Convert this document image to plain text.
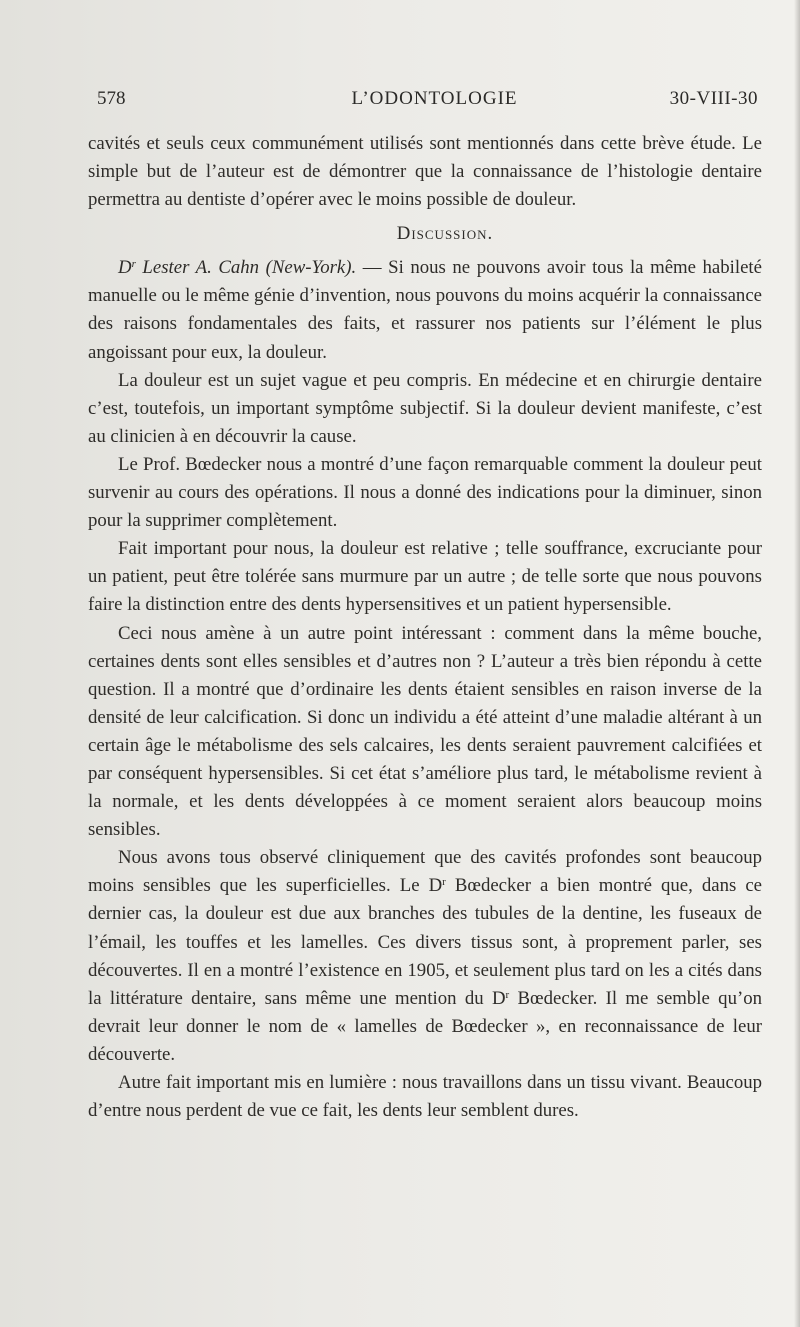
578	L’ODONTOLOGIE	30-VIII-30

cavités et seuls ceux communément utilisés sont mentionnés dans cette brève étude. Le simple but de l’auteur est de démontrer que la connaissance de l’histologie dentaire permettra au dentiste d’opérer avec le moins possible de douleur.

Discussion.

$D^r$ Lester A. Cahn (New-York). — Si nous ne pouvons avoir tous la même habileté manuelle ou le même génie d’invention, nous pouvons du moins acquérir la connaissance des raisons fondamentales des faits, et rassurer nos patients sur l’élément le plus angoissant pour eux, la douleur.

La douleur est un sujet vague et peu compris. En médecine et en chirurgie dentaire c’est, toutefois, un important symptôme subjectif. Si la douleur devient manifeste, c’est au clinicien à en découvrir la cause.

Le Prof. Bœdecker nous a montré d’une façon remarquable comment la douleur peut survenir au cours des opérations. Il nous a donné des indications pour la diminuer, sinon pour la supprimer complètement.

Fait important pour nous, la douleur est relative ; telle souffrance, excruciante pour un patient, peut être tolérée sans murmure par un autre ; de telle sorte que nous pouvons faire la distinction entre des dents hypersensitives et un patient hypersensible.

Ceci nous amène à un autre point intéressant : comment dans la même bouche, certaines dents sont elles sensibles et d’autres non ? L’auteur a très bien répondu à cette question. Il a montré que d’ordinaire les dents étaient sensibles en raison inverse de la densité de leur calcification. Si donc un individu a été atteint d’une maladie altérant à un certain âge le métabolisme des sels calcaires, les dents seraient pauvrement calcifiées et par conséquent hypersensibles. Si cet état s’améliore plus tard, le métabolisme revient à la normale, et les dents développées à ce moment seraient alors beaucoup moins sensibles.

Nous avons tous observé cliniquement que des cavités profondes sont beaucoup moins sensibles que les superficielles. Le $D^r$ Bœdecker a bien montré que, dans ce dernier cas, la douleur est due aux branches des tubules de la dentine, les fuseaux de l’émail, les touffes et les lamelles. Ces divers tissus sont, à proprement parler, ses découvertes. Il en a montré l’existence en 1905, et seulement plus tard on les a cités dans la littérature dentaire, sans même une mention du $D^r$ Bœdecker. Il me semble qu’on devrait leur donner le nom de « lamelles de Bœdecker », en reconnaissance de leur découverte.

Autre fait important mis en lumière : nous travaillons dans un tissu vivant. Beaucoup d’entre nous perdent de vue ce fait, les dents leur semblent dures.
